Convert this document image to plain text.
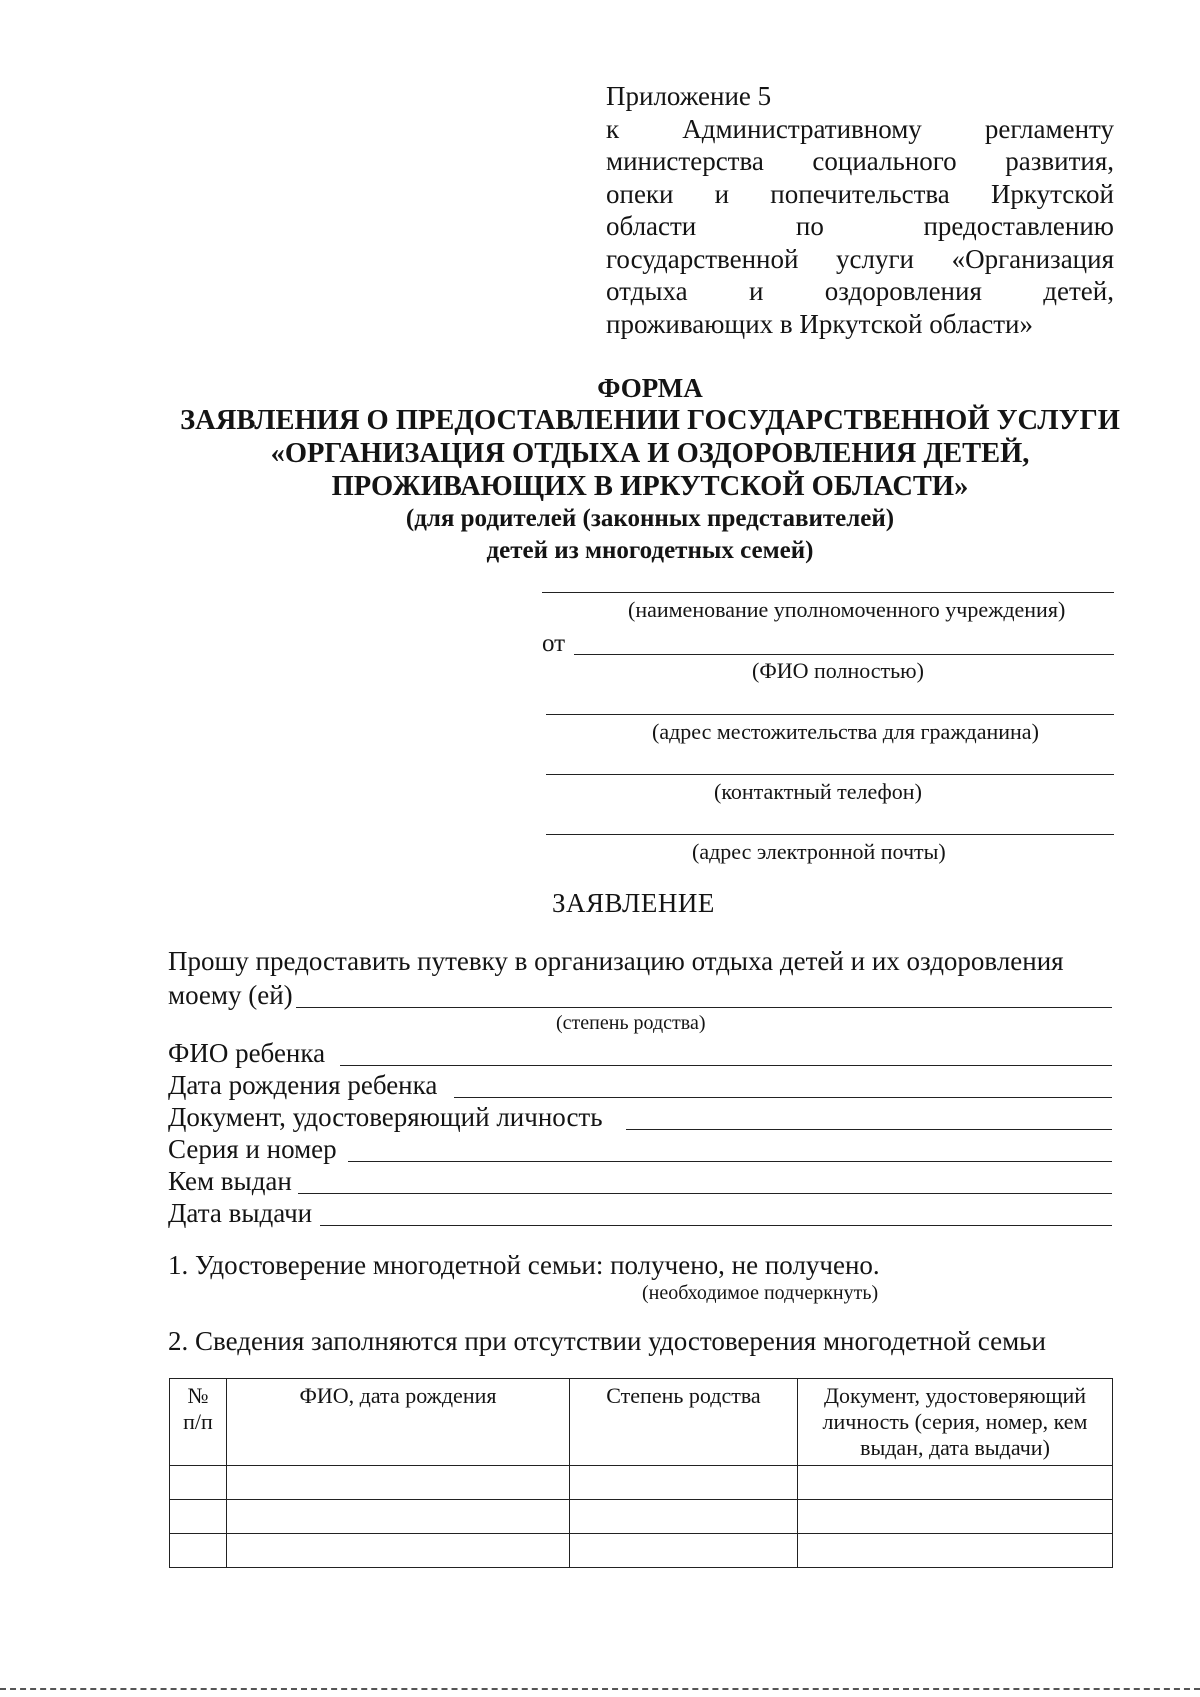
Приложение 5
к Административному регламенту
министерства социального развития,
опеки и попечительства Иркутской
области	по	предоставлению
государственной услуги «Организация
отдыха и оздоровления детей,
проживающих в Иркутской области»
ФОРМА
ЗАЯВЛЕНИЯ О ПРЕДОСТАВЛЕНИИ ГОСУДАРСТВЕННОЙ УСЛУГИ
«ОРГАНИЗАЦИЯ ОТДЫХА И ОЗДОРОВЛЕНИЯ ДЕТЕЙ,
ПРОЖИВАЮЩИХ В ИРКУТСКОЙ ОБЛАСТИ»
(для родителей (законных представителей)
детей из многодетных семей)
(наименование уполномоченного учреждения)
от
(ФИО полностью)
(адрес местожительства для гражданина)
(контактный телефон)
(адрес электронной почты)
ЗАЯВЛЕНИЕ
Прошу предоставить путевку в организацию отдыха детей и их оздоровления
моему (ей)
(степень родства)
ФИО ребенка
Дата рождения ребенка
Документ, удостоверяющий личность
Серия и номер
Кем выдан
Дата выдачи
1. Удостоверение многодетной семьи: получено, не получено.
(необходимое подчеркнуть)
2. Сведения заполняются при отсутствии удостоверения многодетной семьи
№
п/п	ФИО, дата рождения	Степень родства	Документ, удостоверяющий личность (серия, номер, кем выдан, дата выдачи)
